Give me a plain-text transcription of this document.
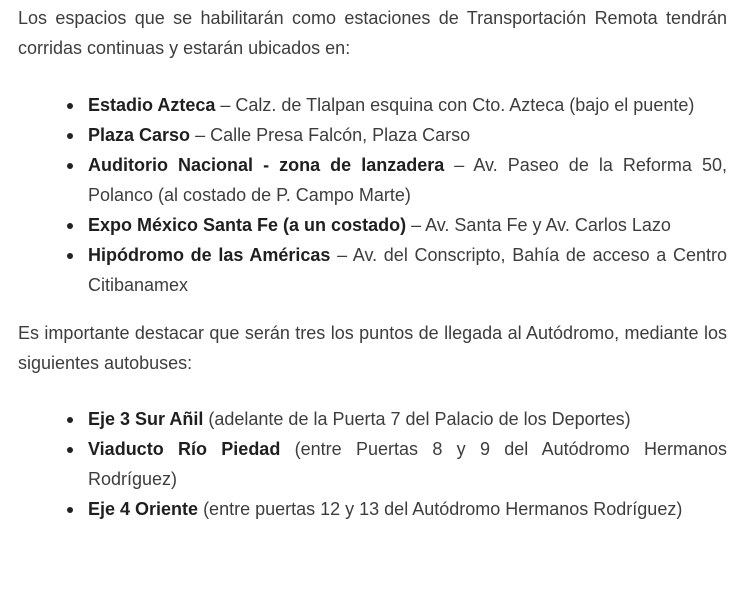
Los espacios que se habilitarán como estaciones de Transportación Remota tendrán corridas continuas y estarán ubicados en:

Estadio Azteca – Calz. de Tlalpan esquina con Cto. Azteca (bajo el puente)
Plaza Carso – Calle Presa Falcón, Plaza Carso
Auditorio Nacional - zona de lanzadera – Av. Paseo de la Reforma 50, Polanco (al costado de P. Campo Marte)
Expo México Santa Fe (a un costado) – Av. Santa Fe y Av. Carlos Lazo
Hipódromo de las Américas – Av. del Conscripto, Bahía de acceso a Centro Citibanamex

Es importante destacar que serán tres los puntos de llegada al Autódromo, mediante los siguientes autobuses:

Eje 3 Sur Añil (adelante de la Puerta 7 del Palacio de los Deportes)
Viaducto Río Piedad (entre Puertas 8 y 9 del Autódromo Hermanos Rodríguez)
Eje 4 Oriente (entre puertas 12 y 13 del Autódromo Hermanos Rodríguez)
